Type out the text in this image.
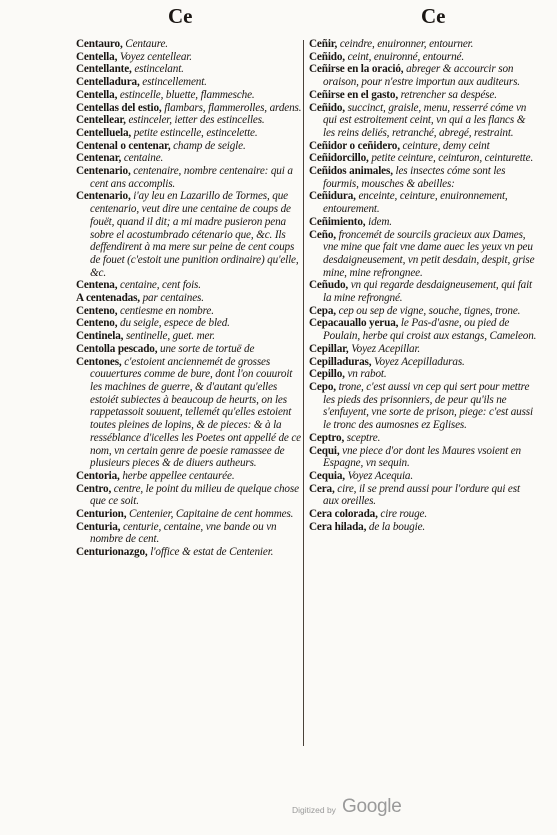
Ce	Ce

Centauro, Centaure.

Centella, Voyez centellear.

Centellante, estincelant.

Centelladura, estincellement.

Centella, estincelle, bluette, flammesche.

Centellas del estio, flambars, flammerolles, ardens.

Centellear, estinceler, ietter des estincelles.

Centelluela, petite estincelle, estincelette.

Centenal o centenar, champ de seigle.

Centenar, centaine.

Centenario, centenaire, nombre centenaire: qui a cent ans accomplis.

Centenario, i'ay leu en Lazarillo de Tormes, que centenario, veut dire une centaine de coups de fouët, quand il dit; a mi madre pusieron pena sobre el acostumbrado cétenario que, &c. Ils deffendirent à ma mere sur peine de cent coups de fouet (c'estoit une punition ordinaire) qu'elle, &c.

Centena, centaine, cent fois.

A centenadas, par centaines.

Centeno, centiesme en nombre.

Centeno, du seigle, espece de bled.

Centinela, sentinelle, guet. mer.

Centolla pescado, une sorte de tortuë de

Centones, c'estoient anciennemét de grosses couuertures comme de bure, dont l'on couuroit les machines de guerre, & d'autant qu'elles estoiét subiectes à beaucoup de heurts, on les rappetassoit souuent, tellemét qu'elles estoient toutes pleines de lopins, & de pieces: & à la resséblance d'icelles les Poetes ont appellé de ce nom, vn certain genre de poesie ramassee de plusieurs pieces & de diuers autheurs.

Centoria, herbe appellee centaurée.

Centro, centre, le point du milieu de quelque chose que ce soit.

Centurion, Centenier, Capitaine de cent hommes.

Centuria, centurie, centaine, vne bande ou vn nombre de cent.

Centurionazgo, l'office & estat de Centenier.

Ceñir, ceindre, enuironner, entourner.

Ceñido, ceint, enuironné, entourné.

Ceñirse en la oració, abreger & accourcir son oraison, pour n'estre importun aux auditeurs.

Ceñirse en el gasto, retrencher sa despése.

Ceñido, succinct, graisle, menu, resserré cóme vn qui est estroitement ceint, vn qui a les flancs & les reins deliés, retranché, abregé, restraint.

Ceñidor o ceñidero, ceinture, demy ceint

Ceñidorcillo, petite ceinture, ceinturon, ceinturette.

Ceñidos animales, les insectes cóme sont les fourmis, mousches & abeilles:

Ceñidura, enceinte, ceinture, enuironnement, entourement.

Ceñimiento, idem.

Ceño, froncemét de sourcils gracieux aux Dames, vne mine que fait vne dame auec les yeux vn peu desdaigneusement, vn petit desdain, despit, grise mine, mine refrongnee.

Ceñudo, vn qui regarde desdaigneusement, qui fait la mine refrongné.

Cepa, cep ou sep de vigne, souche, tignes, trone.

Cepacauallo yerua, le Pas-d'asne, ou pied de Poulain, herbe qui croist aux estangs, Cameleon.

Cepillar, Voyez Acepillar.

Cepilladuras, Voyez Acepilladuras.

Cepillo, vn rabot.

Cepo, trone, c'est aussi vn cep qui sert pour mettre les pieds des prisonniers, de peur qu'ils ne s'enfuyent, vne sorte de prison, piege: c'est aussi le tronc des aumosnes ez Eglises.

Ceptro, sceptre.

Cequi, vne piece d'or dont les Maures vsoient en Espagne, vn sequin.

Cequia, Voyez Acequia.

Cera, cire, il se prend aussi pour l'ordure qui est aux oreilles.

Cera colorada, cire rouge.

Cera hilada, de la bougie.

Digitized by Google
